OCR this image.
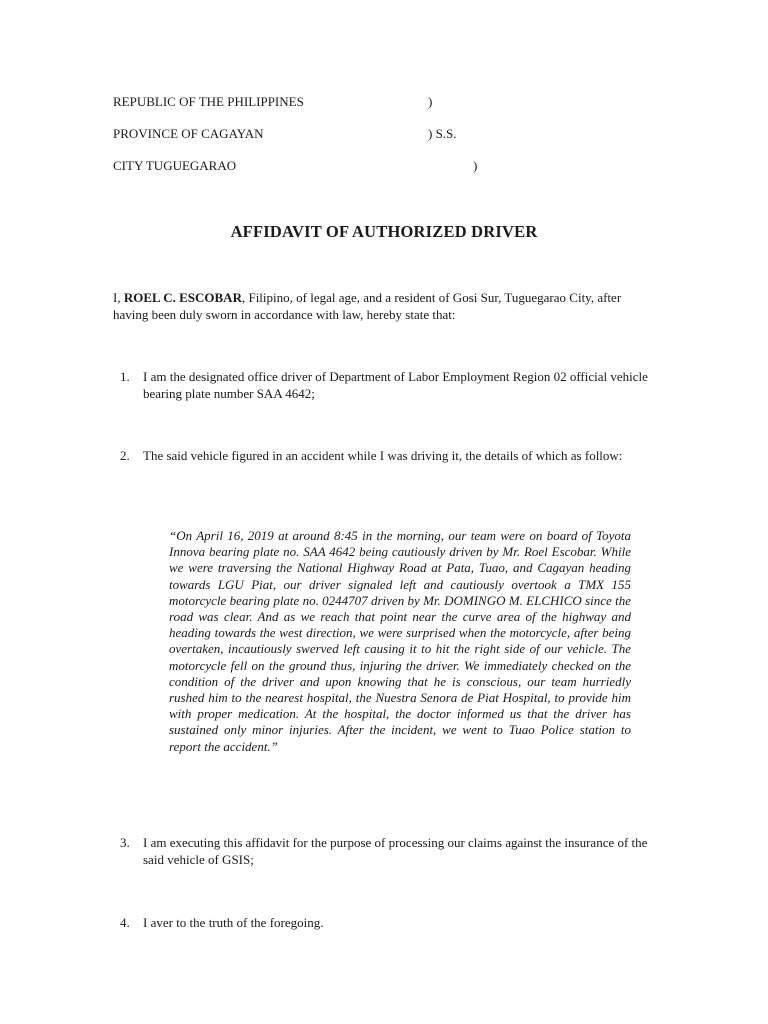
REPUBLIC OF THE PHILIPPINES	)
PROVINCE OF CAGAYAN	) S.S.
CITY TUGUEGARAO	)
AFFIDAVIT OF AUTHORIZED DRIVER
I, ROEL C. ESCOBAR, Filipino, of legal age, and a resident of Gosi Sur, Tuguegarao City, after having been duly sworn in accordance with law, hereby state that:
1. I am the designated office driver of Department of Labor Employment Region 02 official vehicle bearing plate number SAA 4642;
2. The said vehicle figured in an accident while I was driving it, the details of which as follow:
“On April 16, 2019 at around 8:45 in the morning, our team were on board of Toyota Innova bearing plate no. SAA 4642 being cautiously driven by Mr. Roel Escobar. While we were traversing the National Highway Road at Pata, Tuao, and Cagayan heading towards LGU Piat, our driver signaled left and cautiously overtook a TMX 155 motorcycle bearing plate no. 0244707 driven by Mr. DOMINGO M. ELCHICO since the road was clear. And as we reach that point near the curve area of the highway and heading towards the west direction, we were surprised when the motorcycle, after being overtaken, incautiously swerved left causing it to hit the right side of our vehicle. The motorcycle fell on the ground thus, injuring the driver. We immediately checked on the condition of the driver and upon knowing that he is conscious, our team hurriedly rushed him to the nearest hospital, the Nuestra Senora de Piat Hospital, to provide him with proper medication. At the hospital, the doctor informed us that the driver has sustained only minor injuries. After the incident, we went to Tuao Police station to report the accident.”
3. I am executing this affidavit for the purpose of processing our claims against the insurance of the said vehicle of GSIS;
4. I aver to the truth of the foregoing.
